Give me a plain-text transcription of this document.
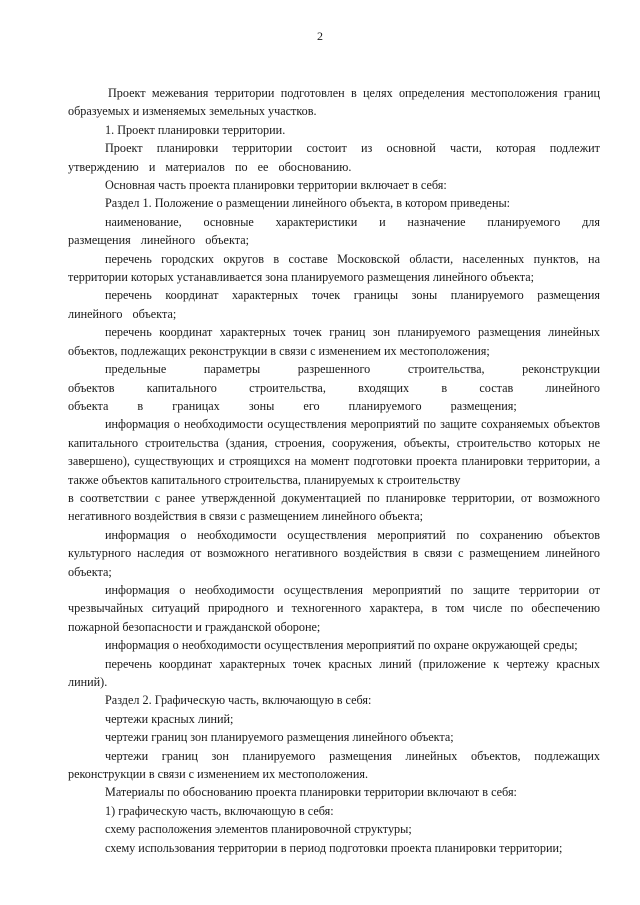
2

Проект межевания территории подготовлен в целях определения местоположения границ образуемых и изменяемых земельных участков.

1. Проект планировки территории.

Проект планировки территории состоит из основной части, которая подлежит утверждению и материалов по ее обоснованию.

Основная часть проекта планировки территории включает в себя:

Раздел 1. Положение о размещении линейного объекта, в котором приведены:

наименование, основные характеристики и назначение планируемого для размещения линейного объекта;

перечень городских округов в составе Московской области, населенных пунктов, на территории которых устанавливается зона планируемого размещения линейного объекта;

перечень координат характерных точек границы зоны планируемого размещения линейного объекта;

перечень координат характерных точек границ зон планируемого размещения линейных объектов, подлежащих реконструкции в связи с изменением их местоположения;

предельные параметры разрешенного строительства, реконструкции объектов капитального строительства, входящих в состав линейного объекта в границах зоны его планируемого размещения;

информация о необходимости осуществления мероприятий по защите сохраняемых объектов капитального строительства (здания, строения, сооружения, объекты, строительство которых не завершено), существующих и строящихся на момент подготовки проекта планировки территории, а также объектов капитального строительства, планируемых к строительству

в соответствии с ранее утвержденной документацией по планировке территории, от возможного негативного воздействия в связи с размещением линейного объекта;

информация о необходимости осуществления мероприятий по сохранению объектов культурного наследия от возможного негативного воздействия в связи с размещением линейного объекта;

информация о необходимости осуществления мероприятий по защите территории от чрезвычайных ситуаций природного и техногенного характера, в том числе по обеспечению пожарной безопасности и гражданской обороне;

информация о необходимости осуществления мероприятий по охране окружающей среды;

перечень координат характерных точек красных линий (приложение к чертежу красных линий).

Раздел 2. Графическую часть, включающую в себя:

чертежи красных линий;

чертежи границ зон планируемого размещения линейного объекта;

чертежи границ зон планируемого размещения линейных объектов, подлежащих реконструкции в связи с изменением их местоположения.

Материалы по обоснованию проекта планировки территории включают в себя:

1) графическую часть, включающую в себя:

схему расположения элементов планировочной структуры;

схему использования территории в период подготовки проекта планировки территории;
